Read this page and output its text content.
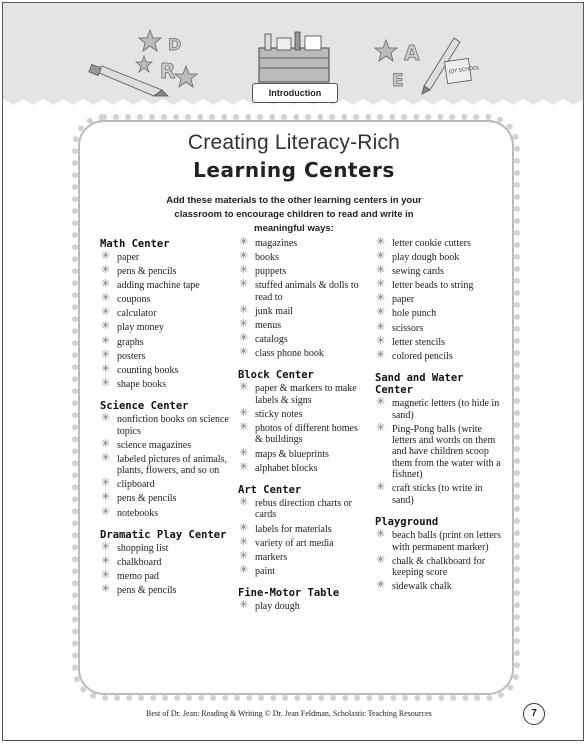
D
R
A
E
JOY SCHOOL
Introduction
Creating Literacy-Rich
Learning Centers
Add these materials to the other learning centers in your classroom to encourage children to read and write in meaningful ways:
Math Center
✳ paper
✳ pens & pencils
✳ adding machine tape
✳ coupons
✳ calculator
✳ play money
✳ graphs
✳ posters
✳ counting books
✳ shape books
Science Center
✳ nonfiction books on science topics
✳ science magazines
✳ labeled pictures of animals, plants, flowers, and so on
✳ clipboard
✳ pens & pencils
✳ notebooks
Dramatic Play Center
✳ shopping list
✳ chalkboard
✳ memo pad
✳ pens & pencils
✳ magazines
✳ books
✳ puppets
✳ stuffed animals & dolls to read to
✳ junk mail
✳ menus
✳ catalogs
✳ class phone book
Block Center
✳ paper & markers to make labels & signs
✳ sticky notes
✳ photos of different homes & buildings
✳ maps & blueprints
✳ alphabet blocks
Art Center
✳ rebus direction charts or cards
✳ labels for materials
✳ variety of art media
✳ markers
✳ paint
Fine-Motor Table
✳ play dough
✳ letter cookie cutters
✳ play dough book
✳ sewing cards
✳ letter beads to string
✳ paper
✳ hole punch
✳ scissors
✳ letter stencils
✳ colored pencils
Sand and Water Center
✳ magnetic letters (to hide in sand)
✳ Ping-Pong balls (write letters and words on them and have children scoop them from the water with a fishnet)
✳ craft sticks (to write in sand)
Playground
✳ beach balls (print on letters with permanent marker)
✳ chalk & chalkboard for keeping score
✳ sidewalk chalk
Best of Dr. Jean: Reading & Writing © Dr. Jean Feldman, Scholastic Teaching Resources	7
